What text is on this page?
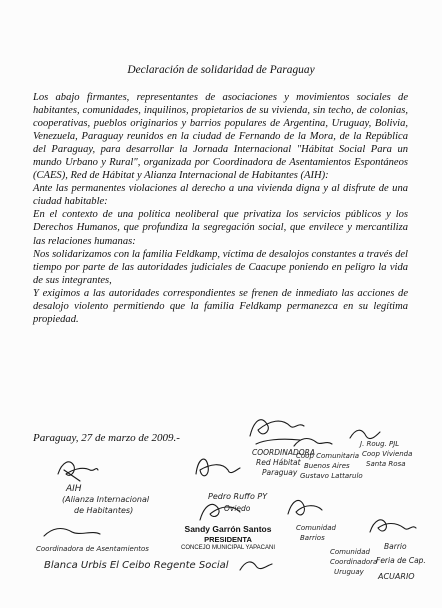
Declaración de solidaridad de Paraguay

Los abajo firmantes, representantes de asociaciones y movimientos sociales de habitantes, comunidades, inquilinos, propietarios de su vivienda, sin techo, de colonias, cooperativas, pueblos originarios y barrios populares de Argentina, Uruguay, Bolivia, Venezuela, Paraguay reunidos en la ciudad de Fernando de la Mora, de la República del Paraguay, para desarrollar la Jornada Internacional "Hábitat Social Para un mundo Urbano y Rural", organizada por Coordinadora de Asentamientos Espontáneos (CAES), Red de Hábitat y Alianza Internacional de Habitantes (AIH):

Ante las permanentes violaciones al derecho a una vivienda digna y al disfrute de una ciudad habitable:

En el contexto de una política neoliberal que privatiza los servicios públicos y los Derechos Humanos, que profundiza la segregación social, que envilece y mercantiliza las relaciones humanas:

Nos solidarizamos con la familia Feldkamp, víctima de desalojos constantes a través del tiempo por parte de las autoridades judiciales de Caacupe poniendo en peligro la vida de sus integrantes,

Y exigimos a las autoridades correspondientes se frenen de inmediato las acciones de desalojo violento permitiendo que la familia Feldkamp permanezca en su legítima propiedad.

Paraguay, 27 de marzo de 2009.-
AIH
(Alianza Internacional
de Habitantes)
Pedro Ruffo PY
Oviedo
COORDINADORA
Red Hábitat
Paraguay
Coop Comunitaria
Buenos Aires
Gustavo Lattarulo
J. Roug. PJL
Coop Vivienda
Santa Rosa
Sandy Garrón Santos
PRESIDENTA
CONCEJO MUNICIPAL YAPACANI
Coordinadora de Asentamientos
Blanca Urbis El Ceibo Regente Social
Comunidad
Barrios
Comunidad
Coordinadora
Uruguay
Barrio
Feria de Cap.
ACUARIO
